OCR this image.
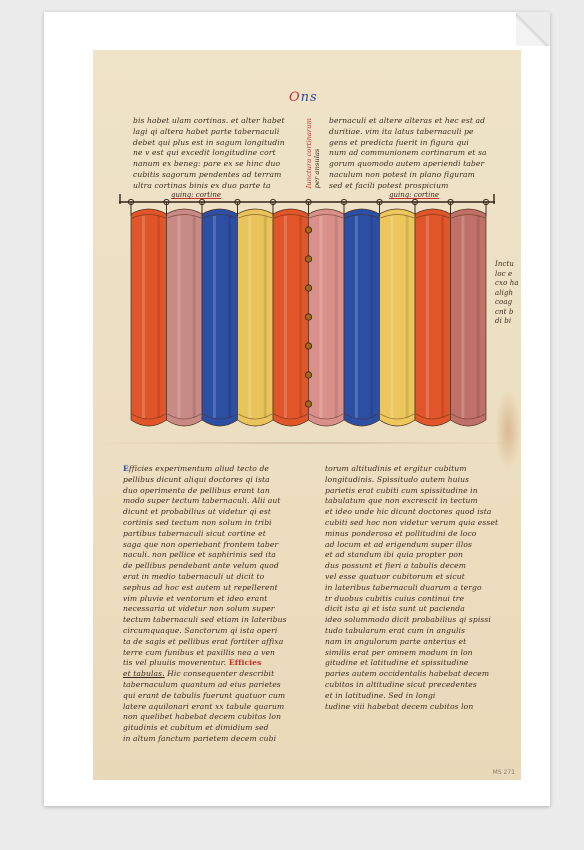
Ons
bis habet ulam cortinas. et alter habet
lagi qi altera habet parte tabernaculi
debet qui plus est in sagum longitudin
ne v est qui excedit longitudine cort
nanum ex beneg: pare ex se hinc duo
cubitis sagorum pendentes ad terram
ultra cortinas binis ex duo parte ta
quinq: cortine
Iunctura cortinarum
per ansulas
bernaculi et altere alteras et hec est ad
duritiae. vim ita latus tabernaculi pe
gens et predicta fuerit in figura qui
num ad communionem cortinarum et sa
gorum quomodo autem aperiendi taber
naculum non potest in plano figuram
sed et facili potest prospicium
quinq: cortine
Inctu
loc e
cxo ha
aligh
coag
cnt b
di bi
Efficies experimentum aliud tecto de
pellibus dicunt aliqui doctores qi ista
duo operimenta de pellibus erant tan
modo super tectum tabernaculi. Alii aut
dicunt et probabilius ut videtur qi est
cortinis sed tectum non solum in tribi
partibus tabernaculi sicut cortine et
saga que non operiebant frontem taber
naculi. non pellice et saphirinis sed ita
de pellibus pendebant ante velum quod
erat in medio tabernaculi ut dicit to
sephus ad hoc est autem ut repellerent
vim pluvie et ventorum et ideo erant
necessaria ut videtur non solum super
tectum tabernaculi sed etiam in lateribus
circumquaque. Sanctorum qi ista operi
ta de sagis et pellibus erat fortiter affixa
terre cum funibus et paxillis nea a ven
tis vel pluuiis moverentur. Efficies
et tabulas. Hic consequenter describit
tabernaculum quantum ad eius parietes
qui erant de tabulis fuerunt quatuor cum
latere aquilonari erant xx tabule quarum
non quelibet habebat decem cubitos lon
gitudinis et cubitum et dimidium sed
in altum fanctum parietem decem cubi
torum altitudinis et ergitur cubitum
longitudinis. Spissitudo autem huius
parietis erat cubiti cum spissitudine in
tabulatum que non excrescit in tectum
et ideo unde hic dicunt doctores quod ista
cubiti sed hoc non videtur verum quia esset
minus ponderosa et pollitudini de loco
ad locum et ad erigendum super illos
et ad standum ibi quia propter pon
dus possunt et fieri a tabulis decem
vel esse quatuor cubitorum et sicut
in lateribus tabernaculi duarum a tergo
tr duobus cubitis cuius continui tre
dicit ista qi et ista sunt ut pacienda
ideo solummodo dicit probabilius qi spissi
tudo tabularum erat cum in angulis
nam in angulorum parte anterius et
similis erat per omnem modum in lon
gitudine et latitudine et spissitudine
paries autem occidentalis habebat decem
cubitos in altitudine sicut precedentes
et in latitudine. Sed in longi
tudine viii habebat decem cubitos lon
MS 271
